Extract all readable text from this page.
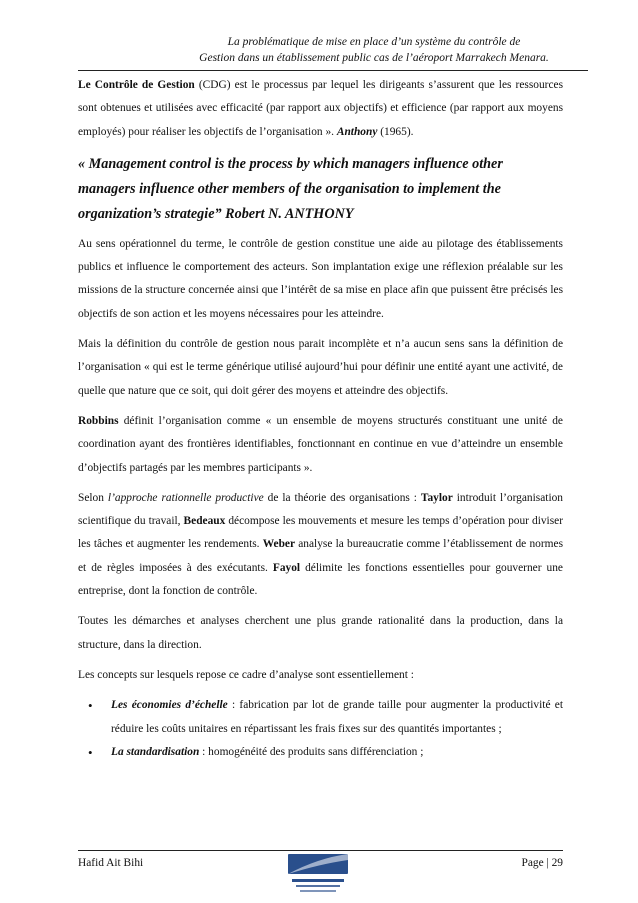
La problématique de mise en place d’un système du contrôle de
Gestion dans un établissement public cas de l’aéroport Marrakech Menara.

Le Contrôle de Gestion (CDG) est le processus par lequel les dirigeants s’assurent que les ressources sont obtenues et utilisées avec efficacité (par rapport aux objectifs) et efficience (par rapport aux moyens employés) pour réaliser les objectifs de l’organisation ». Anthony (1965).

« Management control is the process by which managers influence other managers influence other members of the organisation to implement the organization’s strategie” Robert N. ANTHONY

Au sens opérationnel du terme, le contrôle de gestion constitue une aide au pilotage des établissements publics et influence le comportement des acteurs. Son implantation exige une réflexion préalable sur les missions de la structure concernée ainsi que l’intérêt de sa mise en place afin que puissent être précisés les objectifs de son action et les moyens nécessaires pour les atteindre.

Mais la définition du contrôle de gestion nous parait incomplète et n’a aucun sens sans la définition de l’organisation « qui est le terme générique utilisé aujourd’hui pour définir une entité ayant une activité, de quelle que nature que ce soit, qui doit gérer des moyens et atteindre des objectifs.

Robbins définit l’organisation comme « un ensemble de moyens structurés constituant une unité de coordination ayant des frontières identifiables, fonctionnant en continue en vue d’atteindre un ensemble d’objectifs partagés par les membres participants ».

Selon l’approche rationnelle productive de la théorie des organisations : Taylor introduit l’organisation scientifique du travail, Bedeaux décompose les mouvements et mesure les temps d’opération pour diviser les tâches et augmenter les rendements. Weber analyse la bureaucratie comme l’établissement de normes et de règles imposées à des exécutants. Fayol délimite les fonctions essentielles pour gouverner une entreprise, dont la fonction de contrôle.

Toutes les démarches et analyses cherchent une plus grande rationalité dans la production, dans la structure, dans la direction.

Les concepts sur lesquels repose ce cadre d’analyse sont essentiellement :

• Les économies d’échelle : fabrication par lot de grande taille pour augmenter la productivité et réduire les coûts unitaires en répartissant les frais fixes sur des quantités importantes ;
• La standardisation : homogénéité des produits sans différenciation ;
Hafid Ait Bihi	Page | 29
